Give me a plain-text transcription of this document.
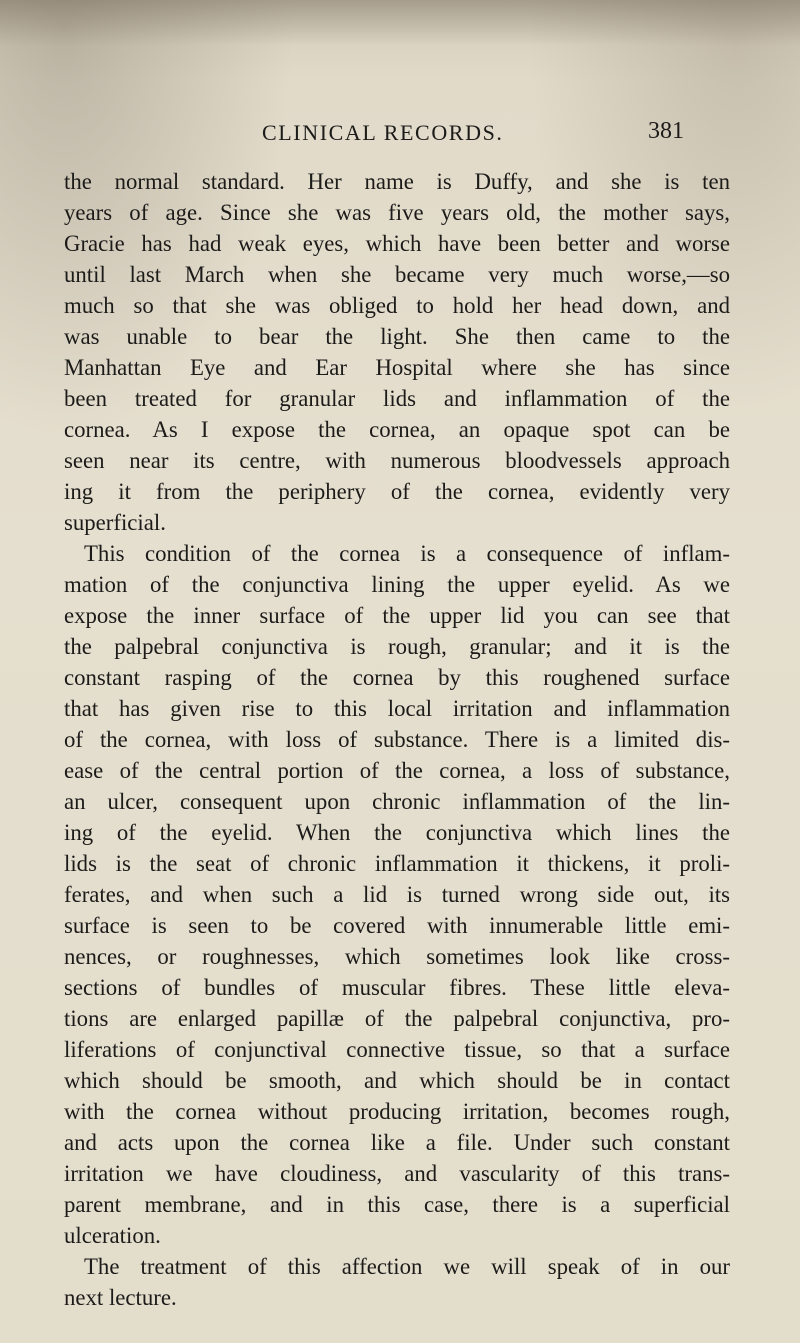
CLINICAL RECORDS.	381
the normal standard. Her name is Duffy, and she is ten
years of age. Since she was five years old, the mother says,
Gracie has had weak eyes, which have been better and worse
until last March when she became very much worse,—so
much so that she was obliged to hold her head down, and
was unable to bear the light. She then came to the
Manhattan Eye and Ear Hospital where she has since
been treated for granular lids and inflammation of the
cornea. As I expose the cornea, an opaque spot can be
seen near its centre, with numerous bloodvessels approach
ing it from the periphery of the cornea, evidently very
superficial.
This condition of the cornea is a consequence of inflam-
mation of the conjunctiva lining the upper eyelid. As we
expose the inner surface of the upper lid you can see that
the palpebral conjunctiva is rough, granular; and it is the
constant rasping of the cornea by this roughened surface
that has given rise to this local irritation and inflammation
of the cornea, with loss of substance. There is a limited dis-
ease of the central portion of the cornea, a loss of substance,
an ulcer, consequent upon chronic inflammation of the lin-
ing of the eyelid. When the conjunctiva which lines the
lids is the seat of chronic inflammation it thickens, it proli-
ferates, and when such a lid is turned wrong side out, its
surface is seen to be covered with innumerable little emi-
nences, or roughnesses, which sometimes look like cross-
sections of bundles of muscular fibres. These little eleva-
tions are enlarged papillæ of the palpebral conjunctiva, pro-
liferations of conjunctival connective tissue, so that a surface
which should be smooth, and which should be in contact
with the cornea without producing irritation, becomes rough,
and acts upon the cornea like a file. Under such constant
irritation we have cloudiness, and vascularity of this trans-
parent membrane, and in this case, there is a superficial
ulceration.
The treatment of this affection we will speak of in our
next lecture.
